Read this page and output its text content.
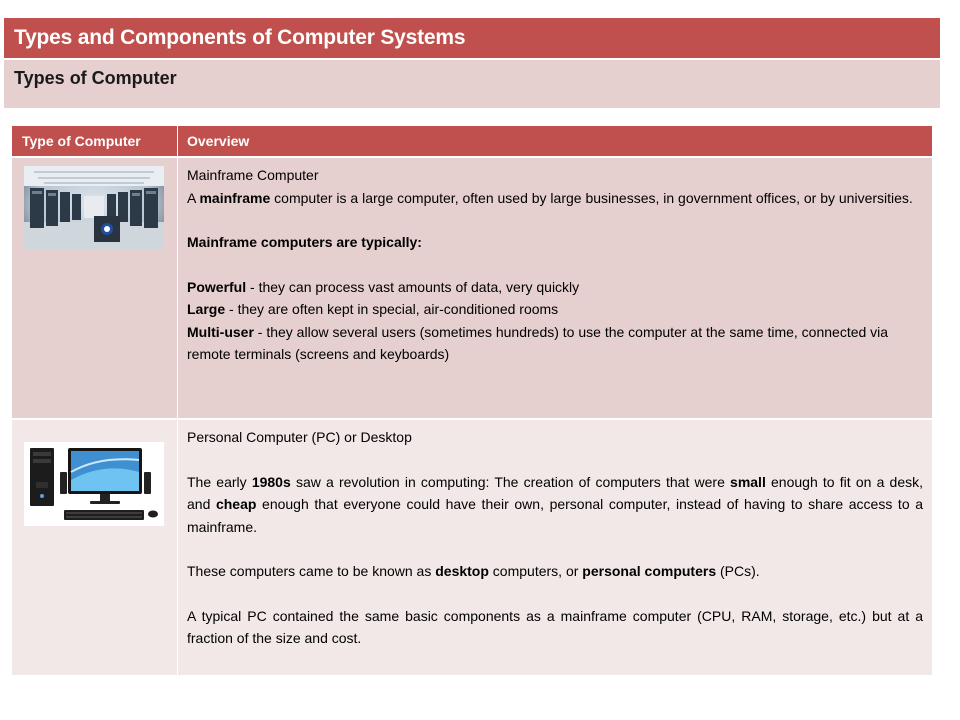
Types and Components of Computer Systems
Types of Computer
Type of Computer	Overview

Mainframe Computer

A mainframe computer is a large computer, often used by large businesses, in government offices, or by universities.

Mainframe computers are typically:

Powerful - they can process vast amounts of data, very quickly

Large - they are often kept in special, air-conditioned rooms

Multi-user - they allow several users (sometimes hundreds) to use the computer at the same time, connected via remote terminals (screens and keyboards)

Personal Computer (PC) or Desktop

The early 1980s saw a revolution in computing: The creation of computers that were small enough to fit on a desk, and cheap enough that everyone could have their own, personal computer, instead of having to share access to a mainframe.

These computers came to be known as desktop computers, or personal computers (PCs).

A typical PC contained the same basic components as a mainframe computer (CPU, RAM, storage, etc.) but at a fraction of the size and cost.
